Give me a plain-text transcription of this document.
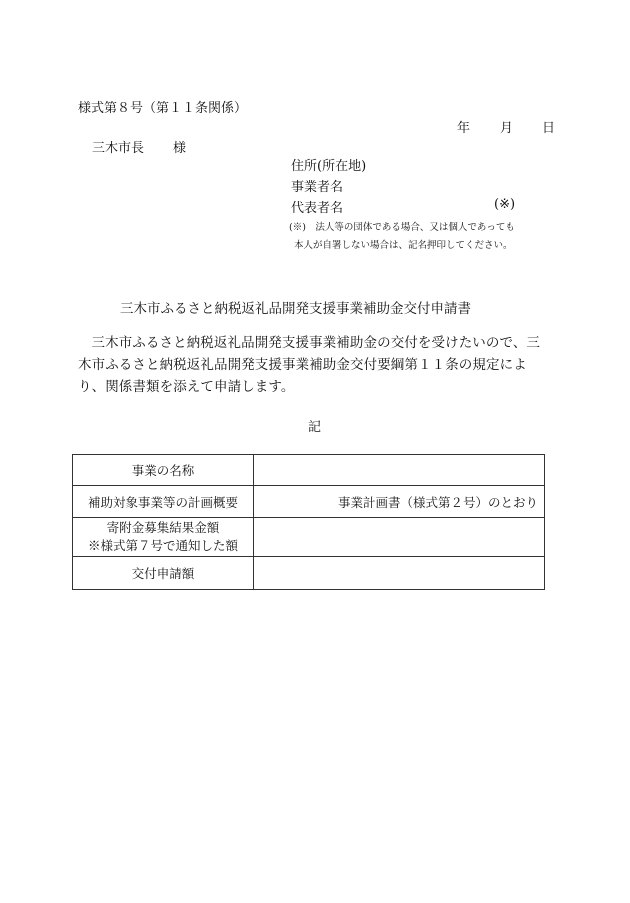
様式第８号（第１１条関係）
年 月 日
三木市長 様
住所(所在地)
事業者名
代表者名	(※)
(※)　法人等の団体である場合、又は個人であっても
本人が自署しない場合は、記名押印してください。
三木市ふるさと納税返礼品開発支援事業補助金交付申請書
三木市ふるさと納税返礼品開発支援事業補助金の交付を受けたいので、三木市ふるさと納税返礼品開発支援事業補助金交付要綱第１１条の規定により、関係書類を添えて申請します。
記
事業の名称	
補助対象事業等の計画概要	事業計画書（様式第２号）のとおり

寄附金募集結果金額
※様式第７号で通知した額	

交付申請額	
